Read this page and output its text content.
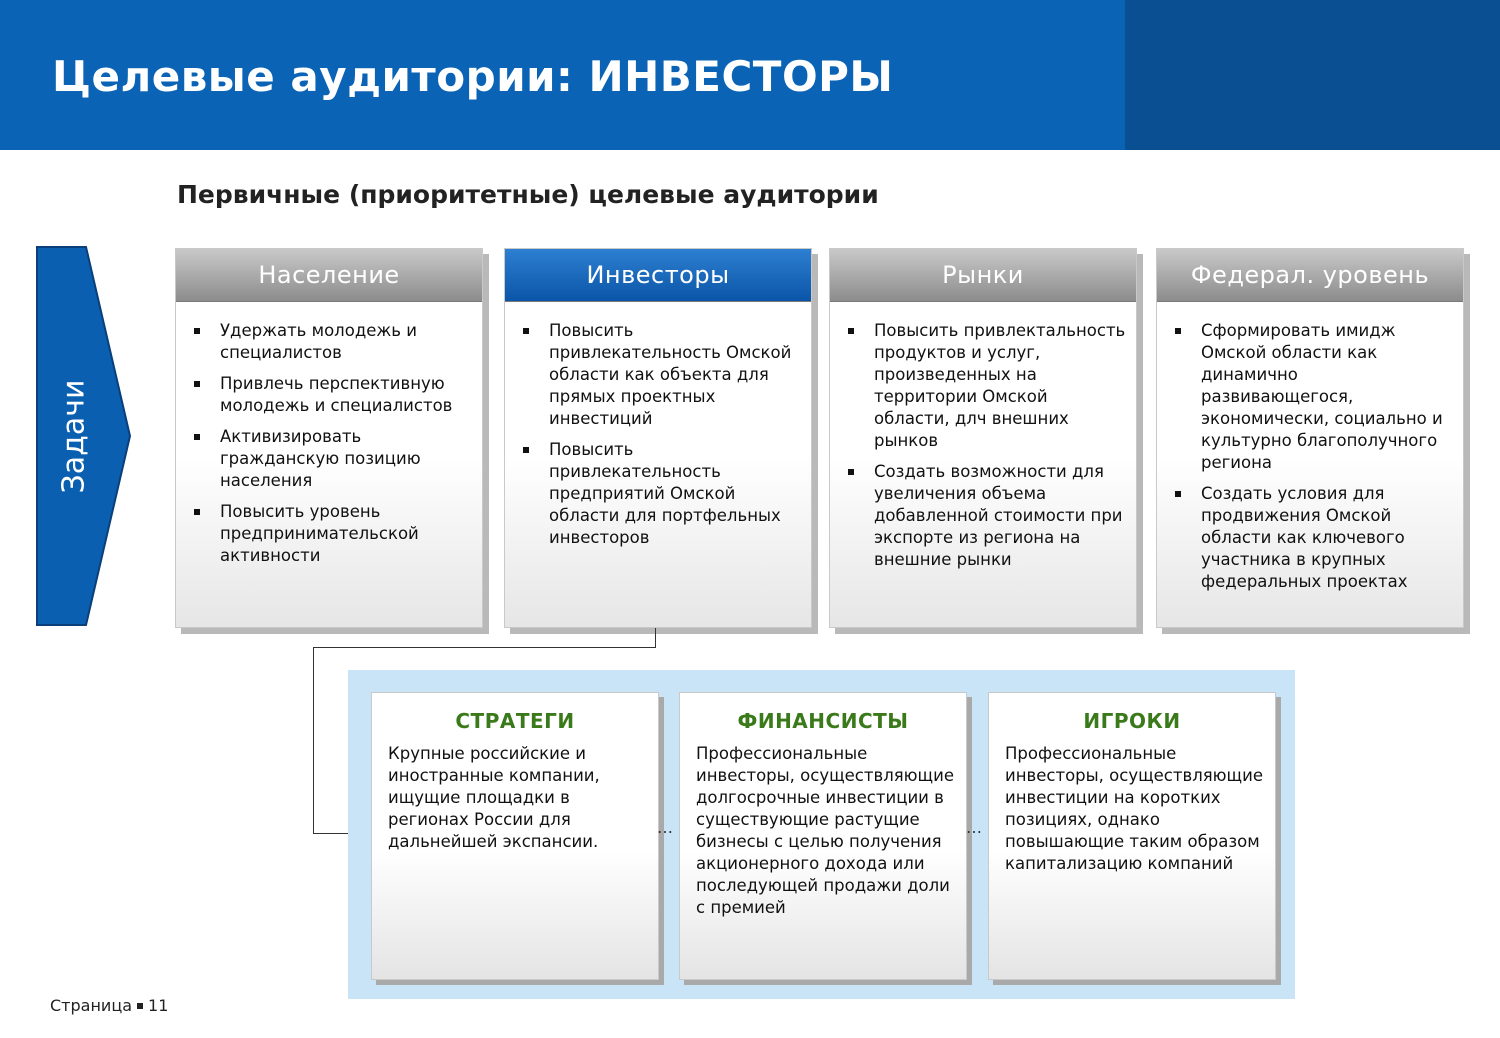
Целевые аудитории: ИНВЕСТОРЫ
Первичные (приоритетные) целевые аудитории
Задачи
Население
Удержать молодежь и специалистов
Привлечь перспективную молодежь и специалистов
Активизировать гражданскую позицию населения
Повысить уровень предпринимательской активности
Инвесторы
Повысить привлекательность Омской области как объекта для прямых проектных инвестиций
Повысить привлекательность предприятий Омской области для портфельных инвесторов
Рынки
Повысить привлектальность продуктов и услуг, произведенных на территории Омской области, длч внешних рынков
Создать возможности для увеличения объема добавленной стоимости при экспорте из региона на внешние рынки
Федерал. уровень
Сформировать имидж Омской области как динамично развивающегося, экономически, социально и культурно благополучного региона
Создать условия для продвижения Омской области как ключевого участника в крупных федеральных проектах
СТРАТЕГИ
Крупные российские и иностранные компании, ищущие площадки в регионах России для дальнейшей экспансии.
…
ФИНАНСИСТЫ
Профессиональные инвесторы, осуществляющие долгосрочные инвестиции в существующие растущие бизнесы с целью получения акционерного дохода или последующей продажи доли с премией
…
ИГРОКИ
Профессиональные инвесторы, осуществляющие инвестиции на коротких позициях, однако повышающие таким образом капитализацию компаний
Страница 11
